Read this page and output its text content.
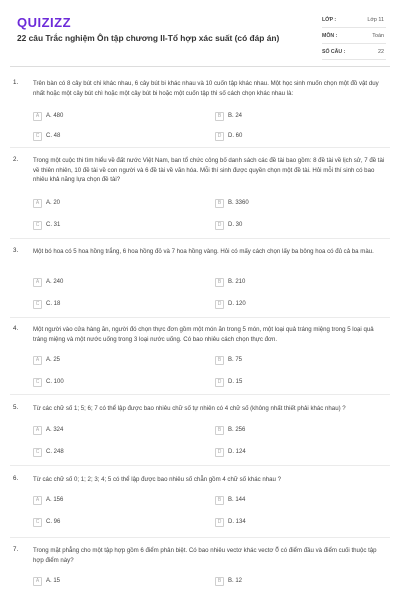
QUIZIZZ
22 câu Trắc nghiệm Ôn tập chương II-Tổ hợp xác suất (có đáp án)
LỚP :	Lớp 11
MÔN :	Toán
SỐ CÂU :	22
1. Trên bàn có 8 cây bút chì khác nhau, 6 cây bút bi khác nhau và 10 cuốn tập khác nhau. Một học sinh muốn chọn một đồ vật duy nhất hoặc một cây bút chì hoặc một cây bút bi hoặc một cuốn tập thì số cách chọn khác nhau là:
A	A. 480	B	B. 24
C	C. 48	D	D. 60
2. Trong một cuộc thi tìm hiểu về đất nước Việt Nam, ban tổ chức công bố danh sách các đề tài bao gồm: 8 đề tài về lịch sử, 7 đề tài về thiên nhiên, 10 đề tài về con người và 6 đề tài về văn hóa. Mỗi thí sinh được quyền chọn một đề tài. Hỏi mỗi thí sinh có bao nhiêu khả năng lựa chọn đề tài?
A	A. 20	B	B. 3360
C	C. 31	D	D. 30
3. Một bó hoa có 5 hoa hồng trắng, 6 hoa hồng đỏ và 7 hoa hồng vàng. Hỏi có mấy cách chọn lấy ba bông hoa có đủ cả ba màu.
A	A. 240	B	B. 210
C	C. 18	D	D. 120
4. Một người vào cửa hàng ăn, người đó chọn thực đơn gồm một món ăn trong 5 món, một loại quả tráng miệng trong 5 loại quả tráng miệng và một nước uống trong 3 loại nước uống. Có bao nhiêu cách chọn thực đơn.
A	A. 25	B	B. 75
C	C. 100	D	D. 15
5. Từ các chữ số 1; 5; 6; 7 có thể lập được bao nhiêu chữ số tự nhiên có 4 chữ số (không nhất thiết phải khác nhau) ?
A	A. 324	B	B. 256
C	C. 248	D	D. 124
6. Từ các chữ số 0; 1; 2; 3; 4; 5 có thể lập được bao nhiêu số chẵn gồm 4 chữ số khác nhau ?
A	A. 156	B	B. 144
C	C. 96	D	D. 134
7. Trong mặt phẳng cho một tập hợp gồm 6 điểm phân biệt. Có bao nhiêu vectơ khác vectơ 0⃗ có điểm đầu và điểm cuối thuộc tập hợp điểm này?
A	A. 15	B	B. 12
